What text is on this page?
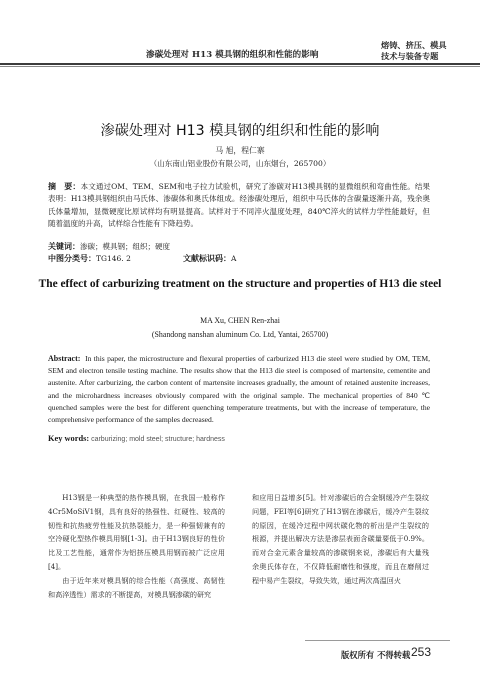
渗碳处理对 H13 模具钢的组织和性能的影响
熔铸、挤压、模具
技术与装备专题
渗碳处理对 H13 模具钢的组织和性能的影响
马 旭，程仁寨
（山东南山铝业股份有限公司，山东烟台，265700）
摘　要：本文通过OM、TEM、SEM和电子拉力试验机，研究了渗碳对H13模具钢的显微组织和弯曲性能。结果表明：H13模具钢组织由马氏体、渗碳体和奥氏体组成。经渗碳处理后，组织中马氏体的含碳量逐渐升高，残余奥氏体量增加，显微硬度比原试样均有明显提高。试样对于不同淬火温度处理，840℃淬火的试样力学性能最好，但随着温度的升高，试样综合性能有下降趋势。
关键词：渗碳；模具钢；组织；硬度
中图分类号：TG146. 2	文献标识码：A
The effect of carburizing treatment on the structure and properties of H13 die steel
MA Xu, CHEN Ren-zhai
(Shandong nanshan aluminum Co. Ltd, Yantai, 265700)
Abstract: In this paper, the microstructure and flexural properties of carburized H13 die steel were studied by OM, TEM, SEM and electron tensile testing machine. The results show that the H13 die steel is composed of martensite, cementite and austenite. After carburizing, the carbon content of martensite increases gradually, the amount of retained austenite increases, and the microhardness increases obviously compared with the original sample. The mechanical properties of 840 ℃ quenched samples were the best for different quenching temperature treatments, but with the increase of temperature, the comprehensive performance of the samples decreased.
Key words: carburizing; mold steel; structure; hardness

H13钢是一种典型的热作模具钢，在我国一般称作4Cr5MoSiV1钢，具有良好的热强性、红硬性、较高的韧性和抗热疲劳性能及抗热裂能力，是一种强韧兼有的空冷硬化型热作模具用钢[1-3]。由于H13钢良好的性价比及工艺性能，通常作为铝挤压模具用钢而被广泛应用[4]。

由于近年来对模具钢的综合性能（高强度、高韧性和高淬透性）需求的不断提高，对模具钢渗碳的研究

和应用日益增多[5]。针对渗碳后的合金钢缓冷产生裂纹问题，FEI等[6]研究了H13钢在渗碳后，缓冷产生裂纹的原因，在缓冷过程中网状碳化物的析出是产生裂纹的根源，并提出解决方法是渗层表面含碳量要低于0.9%。而对合金元素含量较高的渗碳钢来说，渗碳后有大量残余奥氏体存在，不仅降低耐磨性和强度，而且在磨削过程中易产生裂纹，导致失效，通过两次高温回火

版权所有 不得转载 253
